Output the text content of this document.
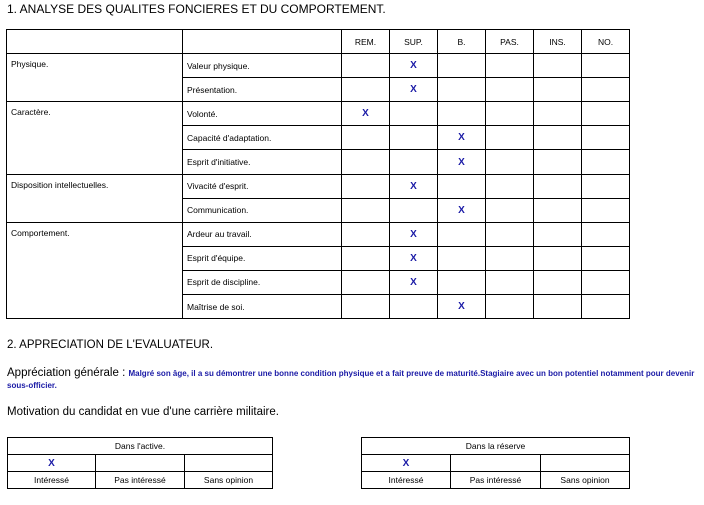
1. ANALYSE DES QUALITES FONCIERES ET DU COMPORTEMENT.
		REM.	SUP.	B.	PAS.	INS.	NO.
Physique.	Valeur physique.		X				
	Présentation.		X				
Caractère.	Volonté.	X					
	Capacité d'adaptation.			X			
	Esprit d'initiative.			X			
Disposition intellectuelles.	Vivacité d'esprit.		X				
	Communication.			X			
Comportement.	Ardeur au travail.		X				
	Esprit d'équipe.		X				
	Esprit de discipline.		X				
	Maîtrise de soi.			X			
2. APPRECIATION DE L'EVALUATEUR.
Appréciation générale : Malgré son âge, il a su démontrer une bonne condition physique et a fait preuve de maturité.Stagiaire avec un bon potentiel notamment pour devenir sous-officier.
Motivation du candidat en vue d'une carrière militaire.
Dans l'active.		
X		
Intéressé	Pas intéressé	Sans opinion
Dans la réserve		
X		
Intéressé	Pas intéressé	Sans opinion
